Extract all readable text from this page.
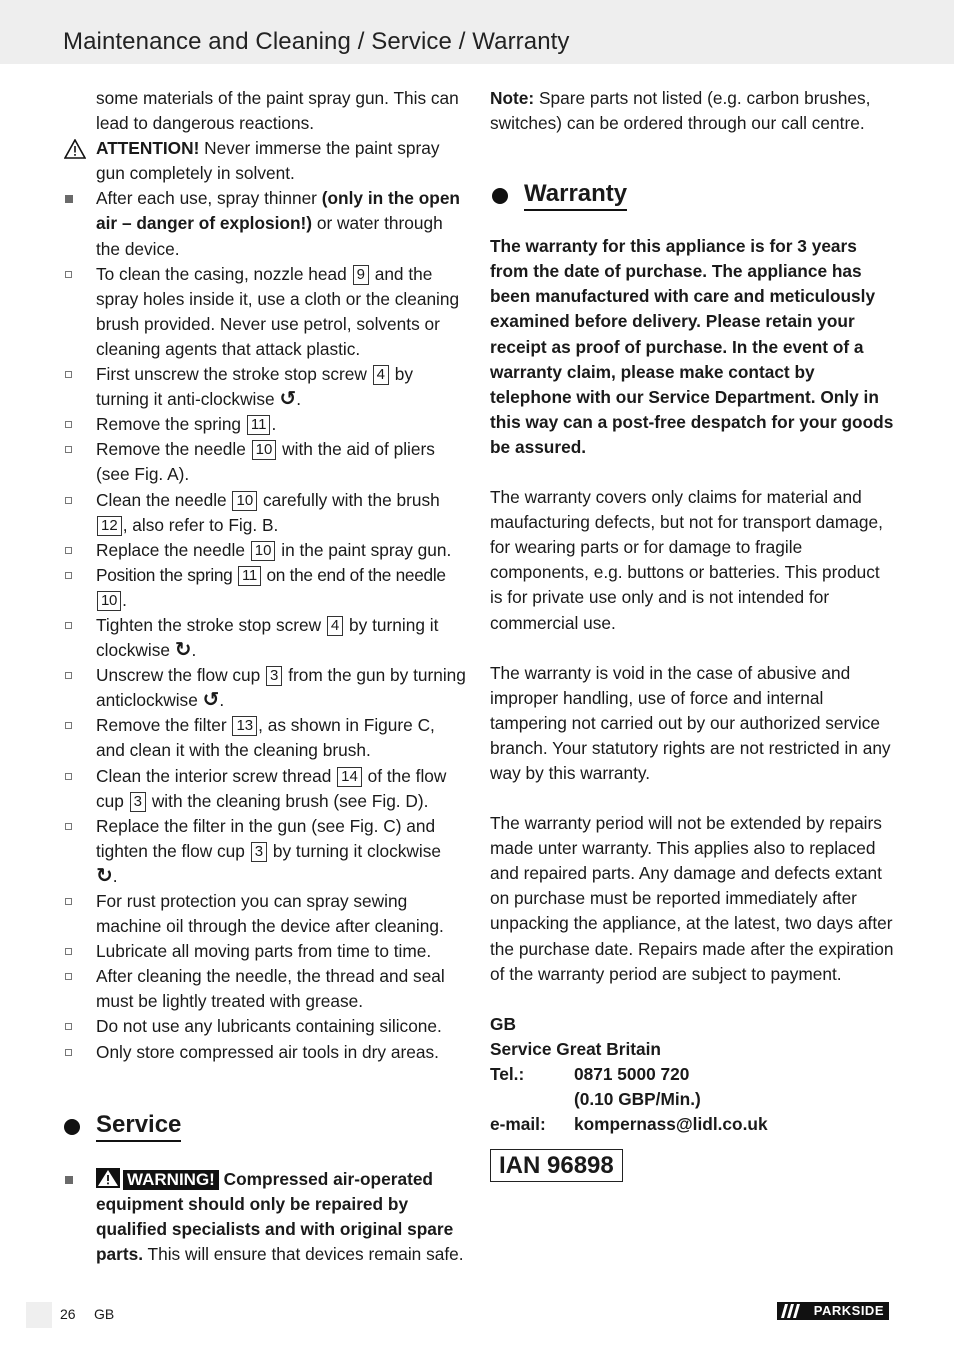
Maintenance and Cleaning / Service / Warranty
some materials of the paint spray gun. This can lead to dangerous reactions.
ATTENTION! Never immerse the paint spray gun completely in solvent.
After each use, spray thinner (only in the open air – danger of explosion!) or water through the device.
To clean the casing, nozzle head 9 and the spray holes inside it, use a cloth or the cleaning brush provided. Never use petrol, solvents or cleaning agents that attack plastic.
First unscrew the stroke stop screw 4 by turning it anti-clockwise ↺.
Remove the spring 11 .
Remove the needle 10 with the aid of pliers (see Fig. A).
Clean the needle 10 carefully with the brush 12 , also refer to Fig. B.
Replace the needle 10 in the paint spray gun.
Position the spring 11 on the end of the needle 10 .
Tighten the stroke stop screw 4 by turning it clockwise ↻.
Unscrew the flow cup 3 from the gun by turning anticlockwise ↺.
Remove the filter 13 , as shown in Figure C, and clean it with the cleaning brush.
Clean the interior screw thread 14 of the flow cup 3 with the cleaning brush (see Fig. D).
Replace the filter in the gun (see Fig. C) and tighten the flow cup 3 by turning it clockwise ↻.
For rust protection you can spray sewing machine oil through the device after cleaning.
Lubricate all moving parts from time to time.
After cleaning the needle, the thread and seal must be lightly treated with grease.
Do not use any lubricants containing silicone.
Only store compressed air tools in dry areas.
Service
WARNING! Compressed air-operated equipment should only be repaired by qualified specialists and with original spare parts. This will ensure that devices remain safe.
Note: Spare parts not listed (e.g. carbon brushes, switches) can be ordered through our call centre.
Warranty
The warranty for this appliance is for 3 years from the date of purchase. The appliance has been manufactured with care and meticulously examined before delivery. Please retain your receipt as proof of purchase. In the event of a warranty claim, please make contact by telephone with our Service Department. Only in this way can a post-free despatch for your goods be assured.
The warranty covers only claims for material and maufacturing defects, but not for transport damage, for wearing parts or for damage to fragile components, e.g. buttons or batteries. This product is for private use only and is not intended for commercial use.
The warranty is void in the case of abusive and improper handling, use of force and internal tampering not carried out by our authorized service branch. Your statutory rights are not restricted in any way by this warranty.
The warranty period will not be extended by repairs made unter warranty. This applies also to replaced and repaired parts. Any damage and defects extant on purchase must be reported immediately after unpacking the appliance, at the latest, two days after the purchase date. Repairs made after the expiration of the warranty period are subject to payment.
GB
Service Great Britain
Tel.:	0871 5000 720
(0.10 GBP/Min.)
e-mail:	kompernass@lidl.co.uk
IAN 96898
26 GB	PARKSIDE
